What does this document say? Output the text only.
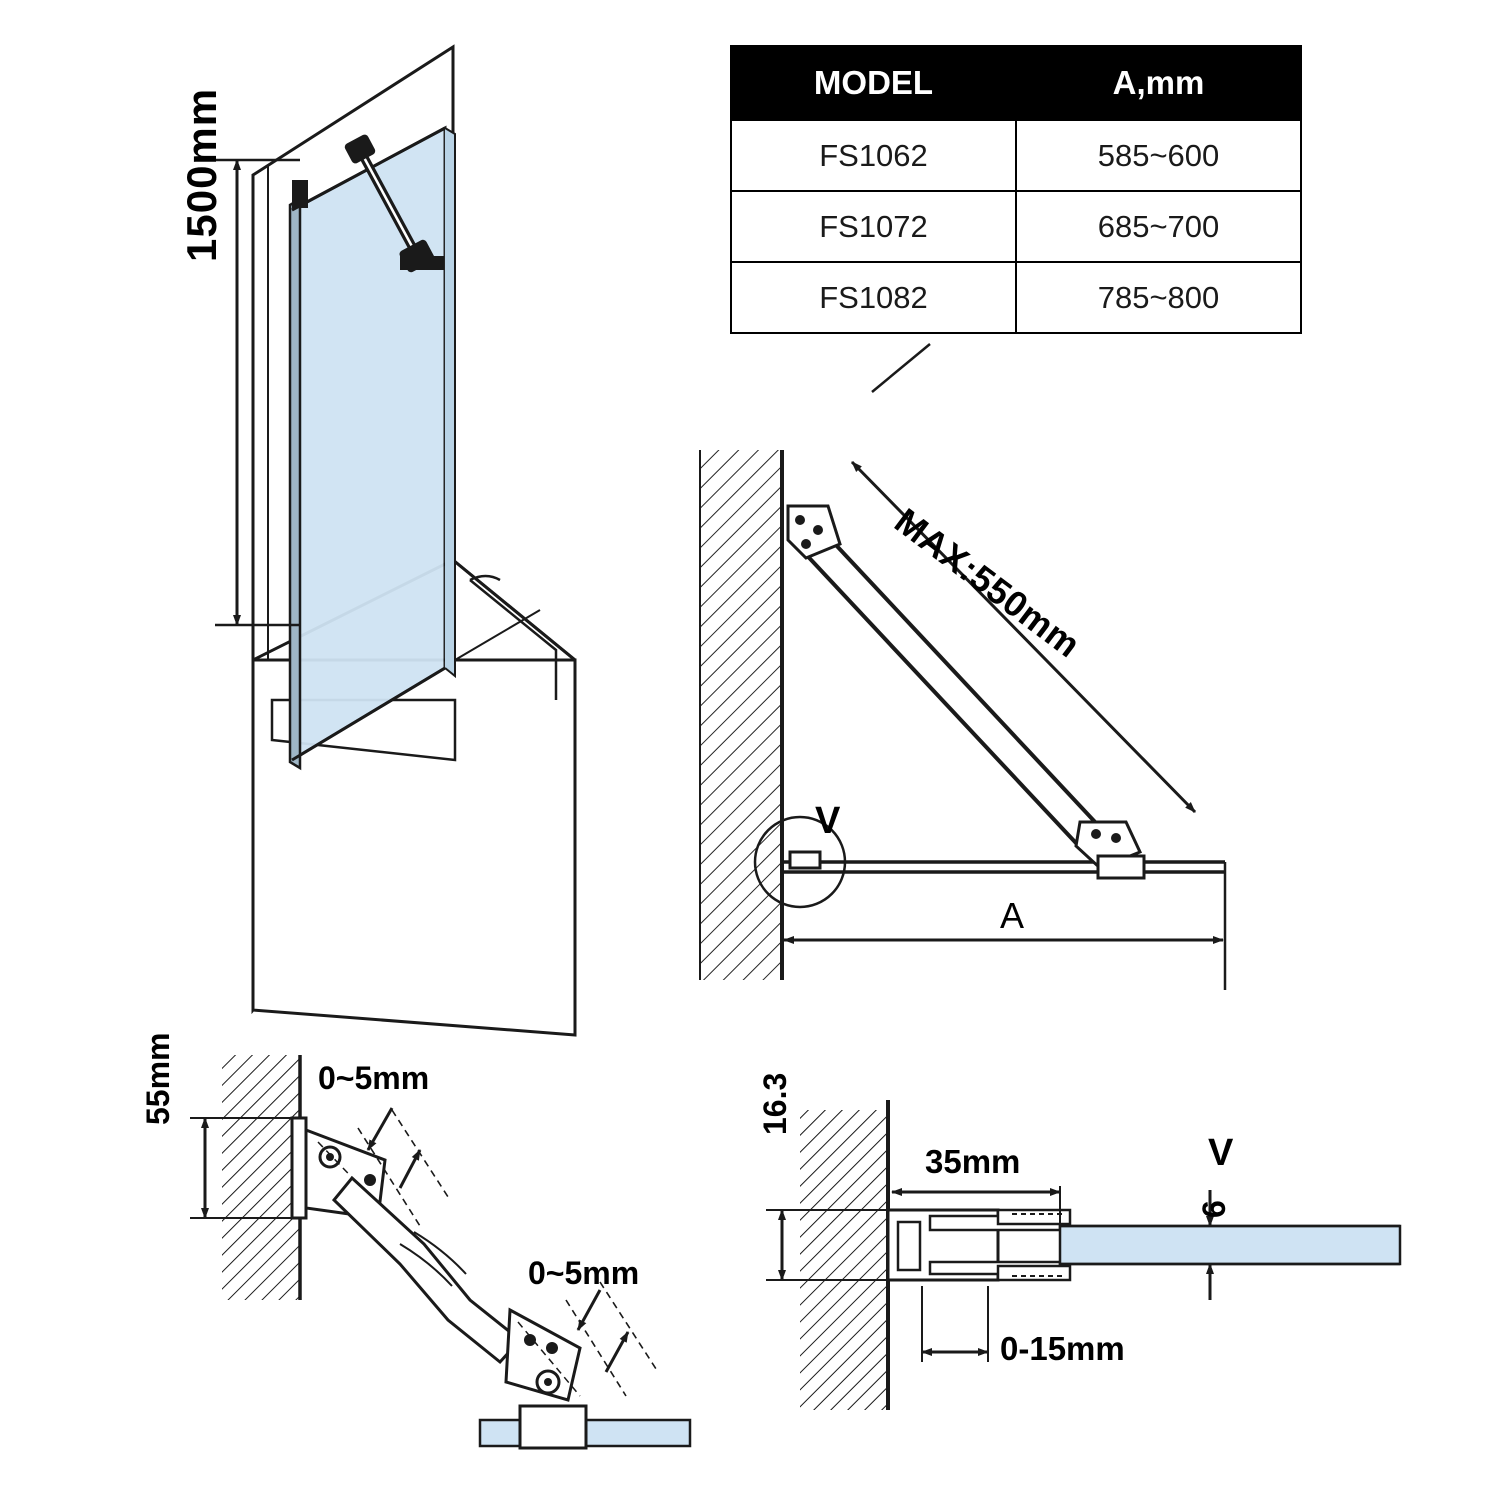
MODEL	A,mm
FS1062	585~600
FS1072	685~700
FS1082	785~800
1500mm
MAX:550mm
V
A
0~5mm
0~5mm
55mm	16.3
35mm
0-15mm
V
6
